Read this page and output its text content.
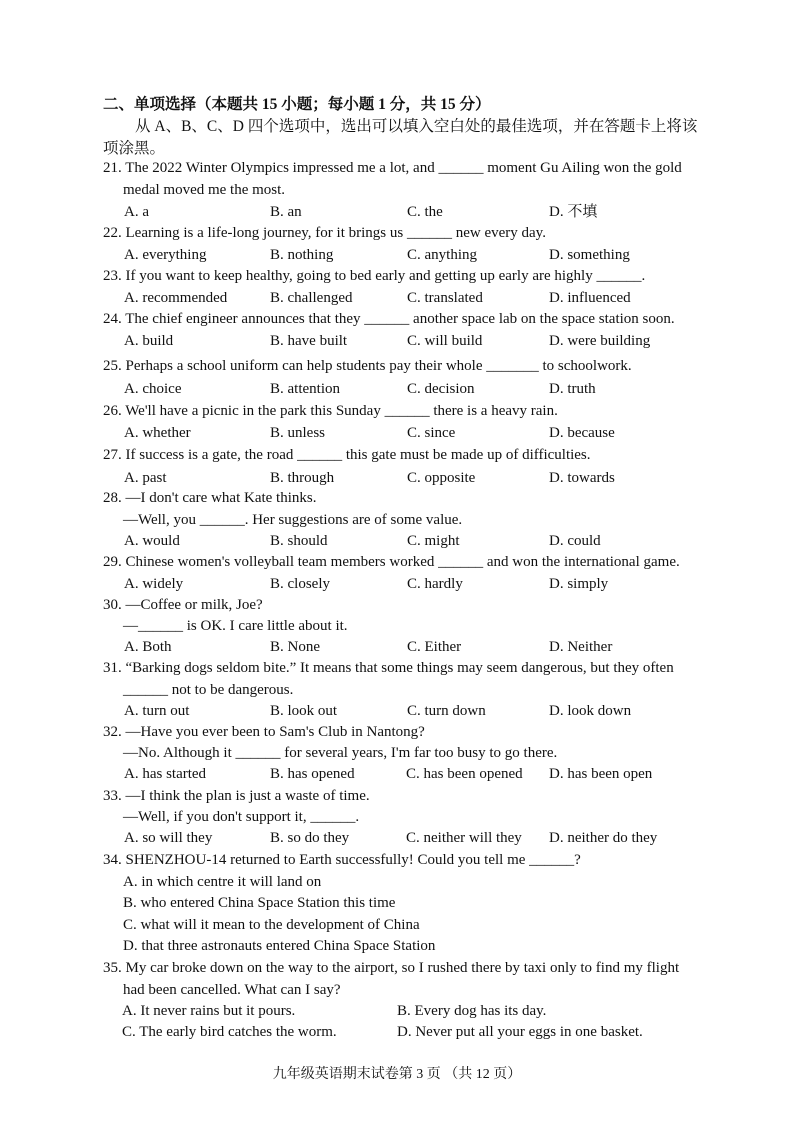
二、单项选择（本题共 15 小题；每小题 1 分，共 15 分）
从 A、B、C、D 四个选项中，选出可以填入空白处的最佳选项，并在答题卡上将该项涂黑。
21. The 2022 Winter Olympics impressed me a lot, and ______ moment Gu Ailing won the gold
medal moved me the most.
A. a	B. an	C. the	D. 不填
22. Learning is a life-long journey, for it brings us ______ new every day.
A. everything	B. nothing	C. anything	D. something
23. If you want to keep healthy, going to bed early and getting up early are highly ______.
A. recommended	B. challenged	C. translated	D. influenced
24. The chief engineer announces that they ______ another space lab on the space station soon.
A. build	B. have built	C. will build	D. were building
25. Perhaps a school uniform can help students pay their whole _______ to schoolwork.
A. choice	B. attention	C. decision	D. truth
26. We'll have a picnic in the park this Sunday ______ there is a heavy rain.
A. whether	B. unless	C. since	D. because
27. If success is a gate, the road ______ this gate must be made up of difficulties.
A. past	B. through	C. opposite	D. towards
28. —I don't care what Kate thinks.
—Well, you ______. Her suggestions are of some value.
A. would	B. should	C. might	D. could
29. Chinese women's volleyball team members worked ______ and won the international game.
A. widely	B. closely	C. hardly	D. simply
30. —Coffee or milk, Joe?
—______ is OK. I care little about it.
A. Both	B. None	C. Either	D. Neither
31. “Barking dogs seldom bite.” It means that some things may seem dangerous, but they often
______ not to be dangerous.
A. turn out	B. look out	C. turn down	D. look down
32. —Have you ever been to Sam's Club in Nantong?
—No. Although it ______ for several years, I'm far too busy to go there.
A. has started	B. has opened	C. has been opened D. has been open
33. —I think the plan is just a waste of time.
—Well, if you don't support it, ______.
A. so will they	B. so do they	C. neither will they D. neither do they
34. SHENZHOU-14 returned to Earth successfully! Could you tell me ______?
A. in which centre it will land on
B. who entered China Space Station this time
C. what will it mean to the development of China
D. that three astronauts entered China Space Station
35. My car broke down on the way to the airport, so I rushed there by taxi only to find my flight
had been cancelled. What can I say?
A. It never rains but it pours.	B. Every dog has its day.
C. The early bird catches the worm.	D. Never put all your eggs in one basket.
九年级英语期末试卷第 3 页 （共 12 页）
